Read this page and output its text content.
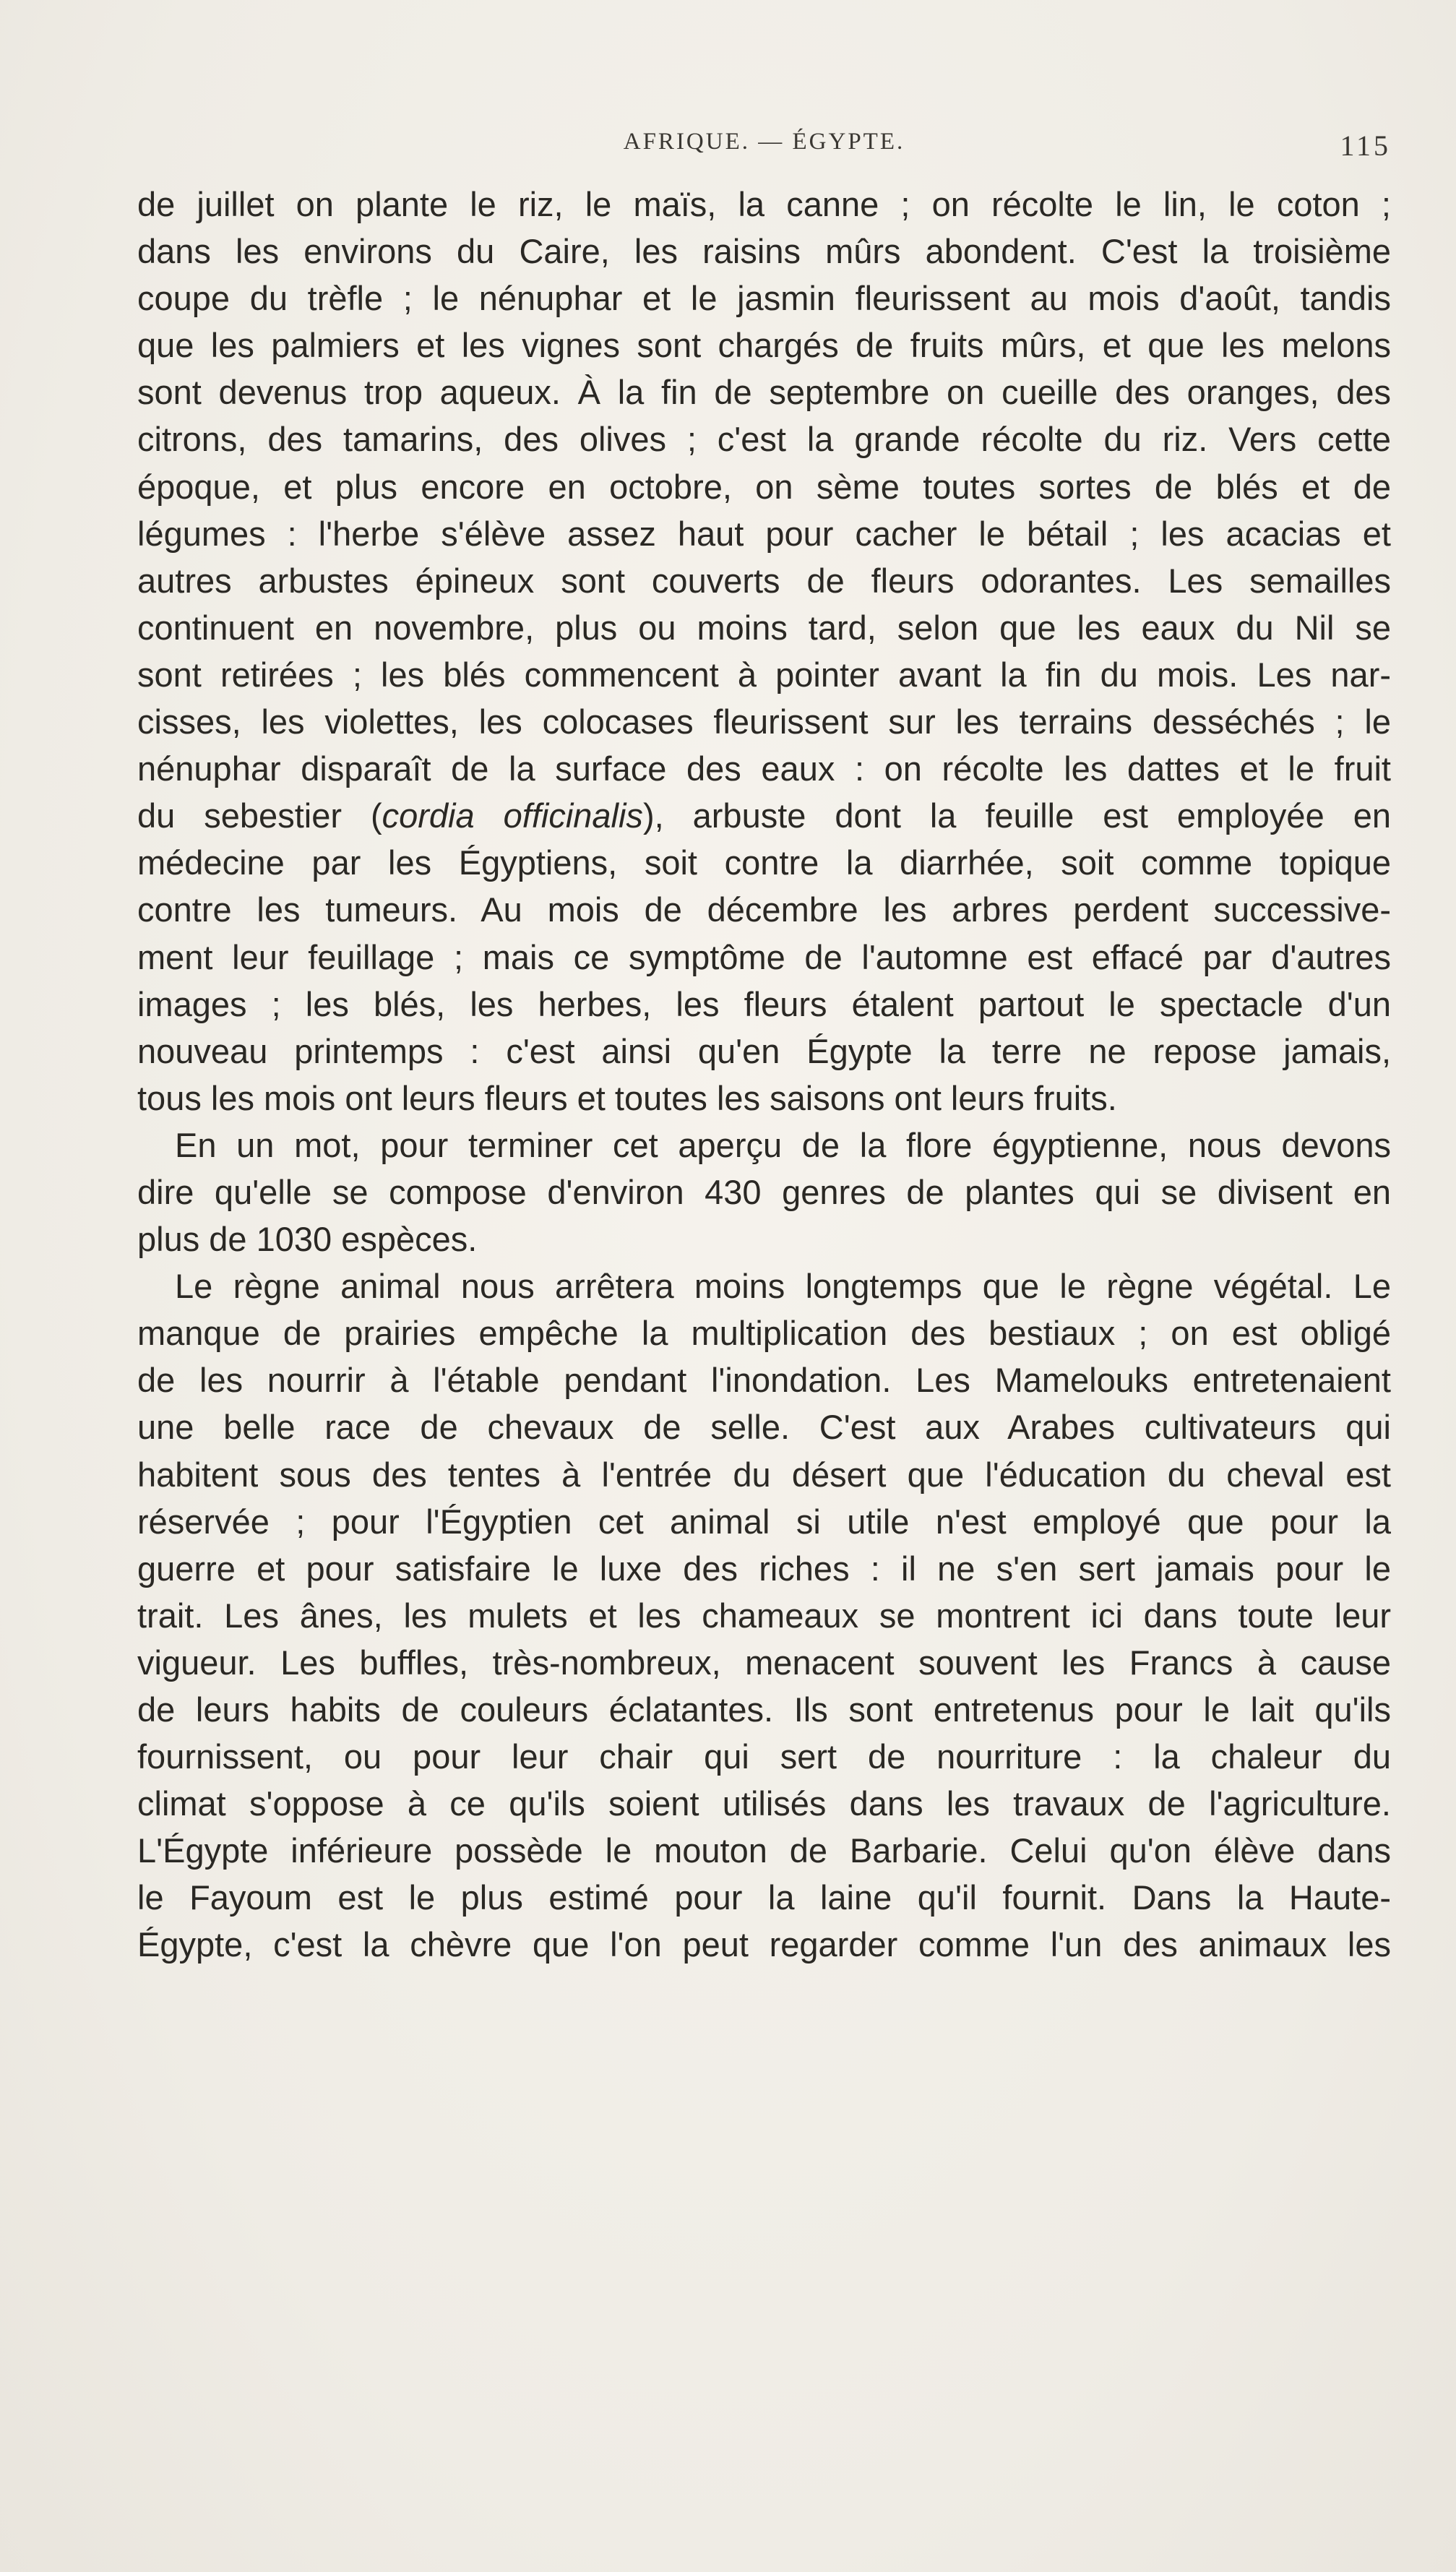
AFRIQUE. — ÉGYPTE.	115

de juillet on plante le riz, le maïs, la canne ; on récolte le lin, le coton ;
dans les environs du Caire, les raisins mûrs abondent. C'est la troisième
coupe du trèfle ; le nénuphar et le jasmin fleurissent au mois d'août, tandis
que les palmiers et les vignes sont chargés de fruits mûrs, et que les melons
sont devenus trop aqueux. À la fin de septembre on cueille des oranges, des
citrons, des tamarins, des olives ; c'est la grande récolte du riz. Vers cette
époque, et plus encore en octobre, on sème toutes sortes de blés et de
légumes : l'herbe s'élève assez haut pour cacher le bétail ; les acacias et
autres arbustes épineux sont couverts de fleurs odorantes. Les semailles
continuent en novembre, plus ou moins tard, selon que les eaux du Nil se
sont retirées ; les blés commencent à pointer avant la fin du mois. Les nar-
cisses, les violettes, les colocases fleurissent sur les terrains desséchés ; le
nénuphar disparaît de la surface des eaux : on récolte les dattes et le fruit
du sebestier (cordia officinalis), arbuste dont la feuille est employée en
médecine par les Égyptiens, soit contre la diarrhée, soit comme topique
contre les tumeurs. Au mois de décembre les arbres perdent successive-
ment leur feuillage ; mais ce symptôme de l'automne est effacé par d'autres
images ; les blés, les herbes, les fleurs étalent partout le spectacle d'un
nouveau printemps : c'est ainsi qu'en Égypte la terre ne repose jamais,
tous les mois ont leurs fleurs et toutes les saisons ont leurs fruits.

En un mot, pour terminer cet aperçu de la flore égyptienne, nous devons
dire qu'elle se compose d'environ 430 genres de plantes qui se divisent en
plus de 1030 espèces.

Le règne animal nous arrêtera moins longtemps que le règne végétal. Le
manque de prairies empêche la multiplication des bestiaux ; on est obligé
de les nourrir à l'étable pendant l'inondation. Les Mamelouks entretenaient
une belle race de chevaux de selle. C'est aux Arabes cultivateurs qui
habitent sous des tentes à l'entrée du désert que l'éducation du cheval est
réservée ; pour l'Égyptien cet animal si utile n'est employé que pour la
guerre et pour satisfaire le luxe des riches : il ne s'en sert jamais pour le
trait. Les ânes, les mulets et les chameaux se montrent ici dans toute leur
vigueur. Les buffles, très-nombreux, menacent souvent les Francs à cause
de leurs habits de couleurs éclatantes. Ils sont entretenus pour le lait qu'ils
fournissent, ou pour leur chair qui sert de nourriture : la chaleur du
climat s'oppose à ce qu'ils soient utilisés dans les travaux de l'agriculture.
L'Égypte inférieure possède le mouton de Barbarie. Celui qu'on élève dans
le Fayoum est le plus estimé pour la laine qu'il fournit. Dans la Haute-
Égypte, c'est la chèvre que l'on peut regarder comme l'un des animaux les
